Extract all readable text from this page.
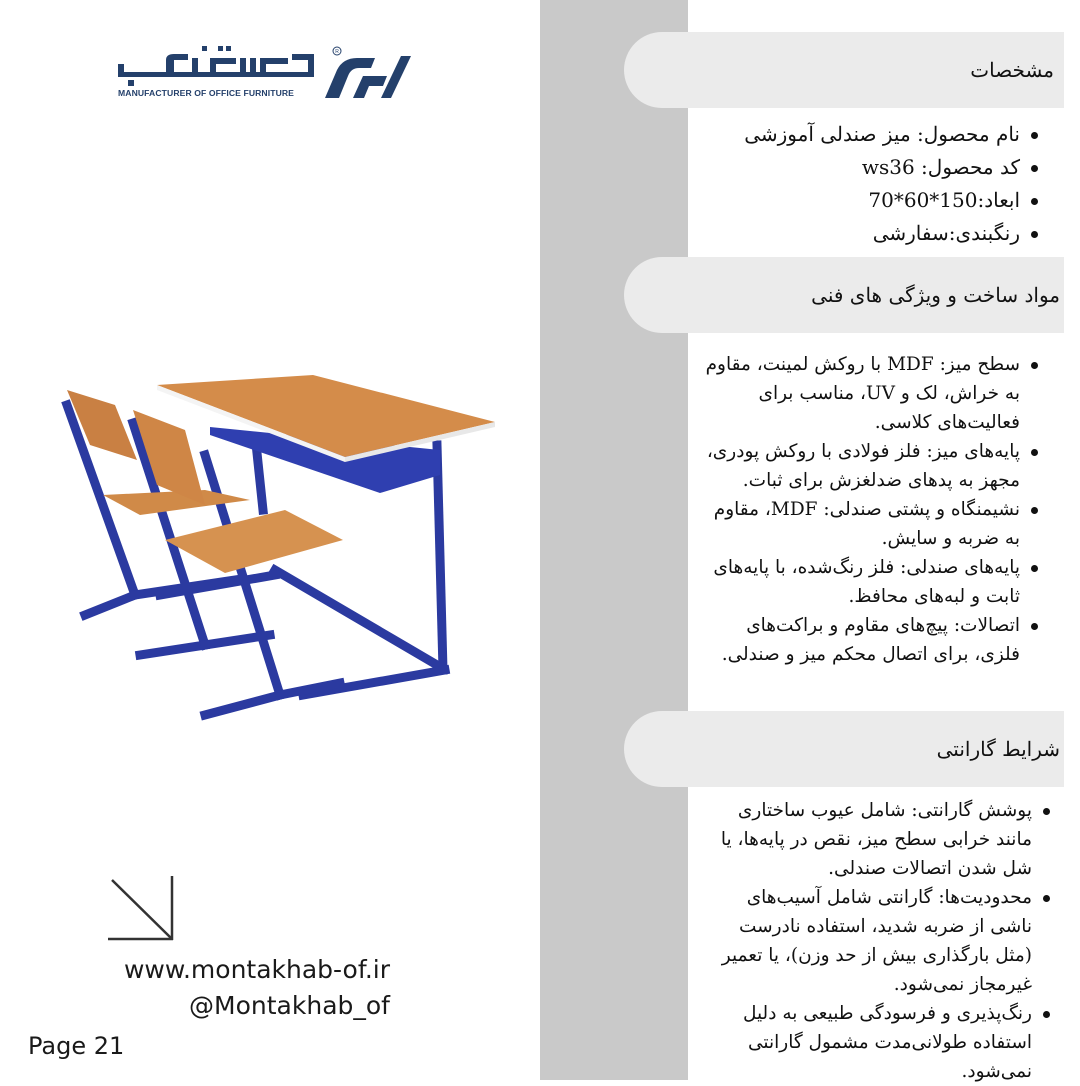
MANUFACTURER OF OFFICE FURNITURE
R
www.montakhab-of.ir
@Montakhab_of
Page 21
مشخصات
نام محصول: میز صندلی آموزشی
کد محصول: ws36
ابعاد:150*60*70
رنگبندی:سفارشی
مواد ساخت و ویژگی های فنی
سطح میز: MDF با روکش لمینت، مقاوم به خراش، لک و UV، مناسب برای فعالیت‌های کلاسی.
پایه‌های میز: فلز فولادی با روکش پودری، مجهز به پدهای ضدلغزش برای ثبات.
نشیمنگاه و پشتی صندلی: MDF، مقاوم به ضربه و سایش.
پایه‌های صندلی: فلز رنگ‌شده، با پایه‌های ثابت و لبه‌های محافظ.
اتصالات: پیچ‌های مقاوم و براکت‌های فلزی، برای اتصال محکم میز و صندلی.
شرایط گارانتی
پوشش گارانتی: شامل عیوب ساختاری مانند خرابی سطح میز، نقص در پایه‌ها، یا شل شدن اتصالات صندلی.
محدودیت‌ها: گارانتی شامل آسیب‌های ناشی از ضربه شدید، استفاده نادرست (مثل بارگذاری بیش از حد وزن)، یا تعمیر غیرمجاز نمی‌شود.
رنگ‌پذیری و فرسودگی طبیعی به دلیل استفاده طولانی‌مدت مشمول گارانتی نمی‌شود.
